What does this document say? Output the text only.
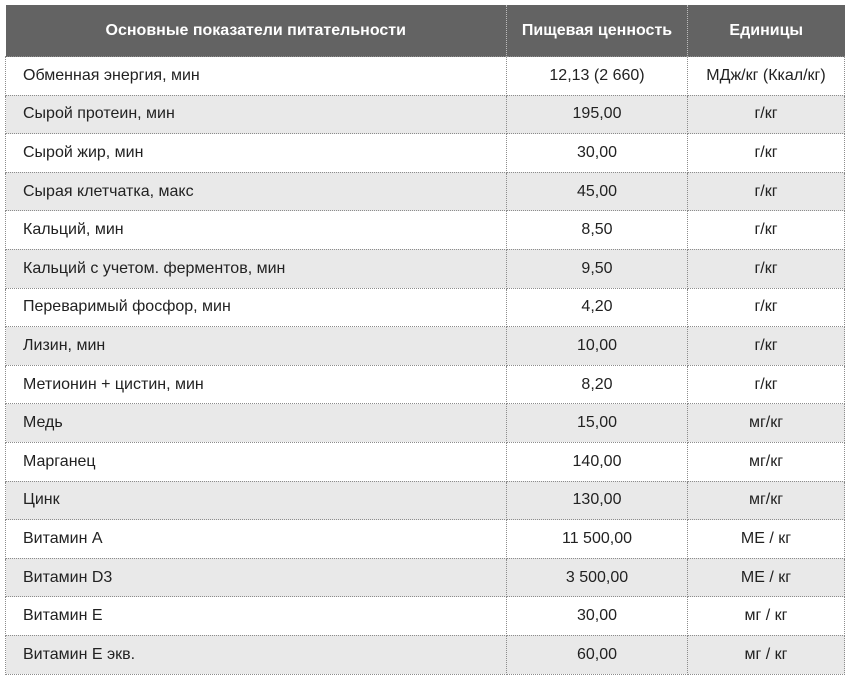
Основные показатели питательности	Пищевая ценность	Единицы
Обменная энергия, мин	12,13 (2 660)	МДж/кг (Ккал/кг)
Сырой протеин, мин	195,00	г/кг
Сырой жир, мин	30,00	г/кг
Сырая клетчатка, макс	45,00	г/кг
Кальций, мин	8,50	г/кг
Кальций с учетом. ферментов, мин	9,50	г/кг
Переваримый фосфор, мин	4,20	г/кг
Лизин, мин	10,00	г/кг
Метионин + цистин, мин	8,20	г/кг
Медь	15,00	мг/кг
Марганец	140,00	мг/кг
Цинк	130,00	мг/кг
Витамин А	11 500,00	МЕ / кг
Витамин D3	3 500,00	МЕ / кг
Витамин Е	30,00	мг / кг
Витамин Е экв.	60,00	мг / кг
